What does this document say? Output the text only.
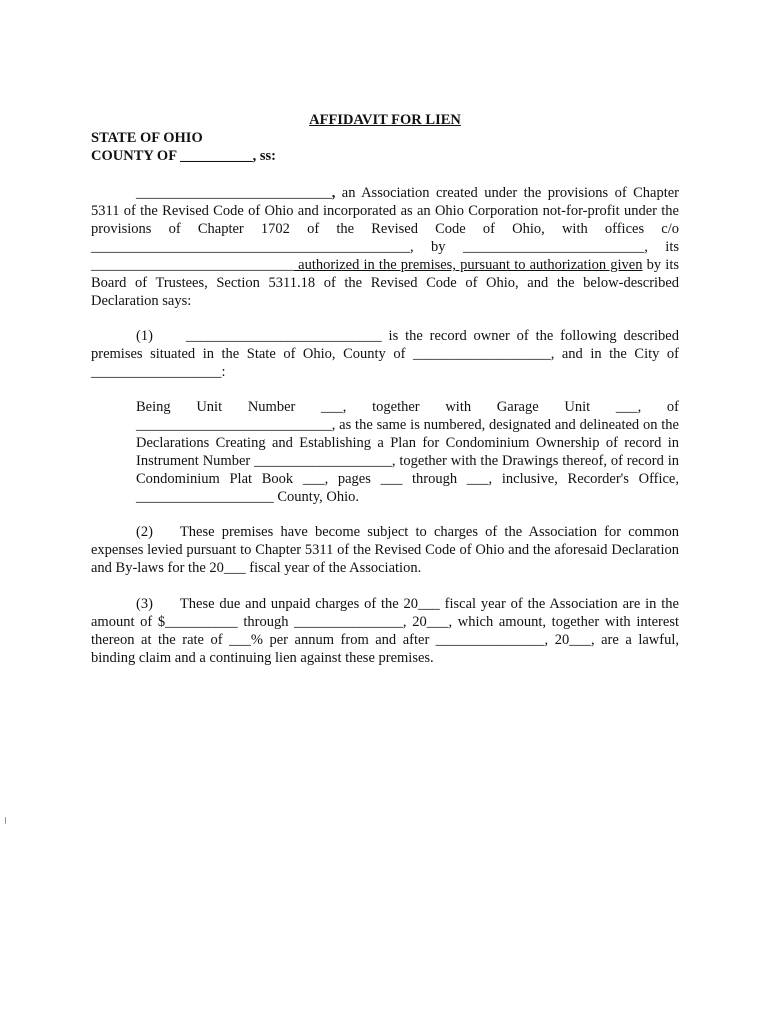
AFFIDAVIT FOR LIEN
STATE OF OHIO
COUNTY OF __________, ss:

___________________________, an Association created under the provisions of Chapter 5311 of the Revised Code of Ohio and incorporated as an Ohio Corporation not-for-profit under the provisions of Chapter 1702 of the Revised Code of Ohio, with offices c/o ____________________________________________, by _________________________, its ____________________________ authorized in the premises, pursuant to authorization given by its Board of Trustees, Section 5311.18 of the Revised Code of Ohio, and the below-described Declaration says:

(1) ___________________________ is the record owner of the following described premises situated in the State of Ohio, County of ___________________, and in the City of __________________:

Being Unit Number ___, together with Garage Unit ___, of ___________________________, as the same is numbered, designated and delineated on the Declarations Creating and Establishing a Plan for Condominium Ownership of record in Instrument Number ___________________, together with the Drawings thereof, of record in Condominium Plat Book ___, pages ___ through ___, inclusive, Recorder's Office, ___________________ County, Ohio.

(2) These premises have become subject to charges of the Association for common expenses levied pursuant to Chapter 5311 of the Revised Code of Ohio and the aforesaid Declaration and By-laws for the 20___ fiscal year of the Association.

(3) These due and unpaid charges of the 20___ fiscal year of the Association are in the amount of $__________ through _______________, 20___, which amount, together with interest thereon at the rate of ___% per annum from and after _______________, 20___, are a lawful, binding claim and a continuing lien against these premises.
